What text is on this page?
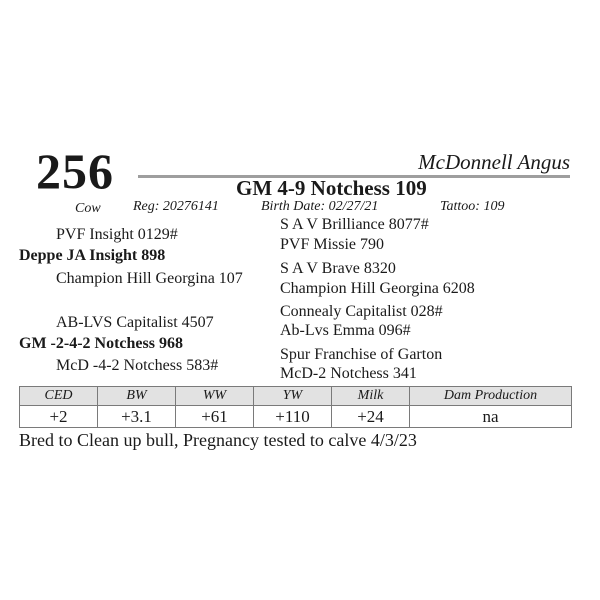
256	McDonnell Angus
GM 4-9 Notchess 109
Cow Reg: 20276141	Birth Date: 02/27/21	Tattoo: 109
PVF Insight 0129#
Deppe JA Insight 898
Champion Hill Georgina 107
AB-LVS Capitalist 4507
GM -2-4-2 Notchess 968
McD -4-2 Notchess 583#
S A V Brilliance 8077#
PVF Missie 790
S A V Brave 8320
Champion Hill Georgina 6208
Connealy Capitalist 028#
Ab-Lvs Emma 096#
Spur Franchise of Garton
McD-2 Notchess 341
CED	BW	WW	YW	Milk	Dam Production
+2	+3.1	+61	+110	+24	na
Bred to Clean up bull, Pregnancy tested to calve 4/3/23
